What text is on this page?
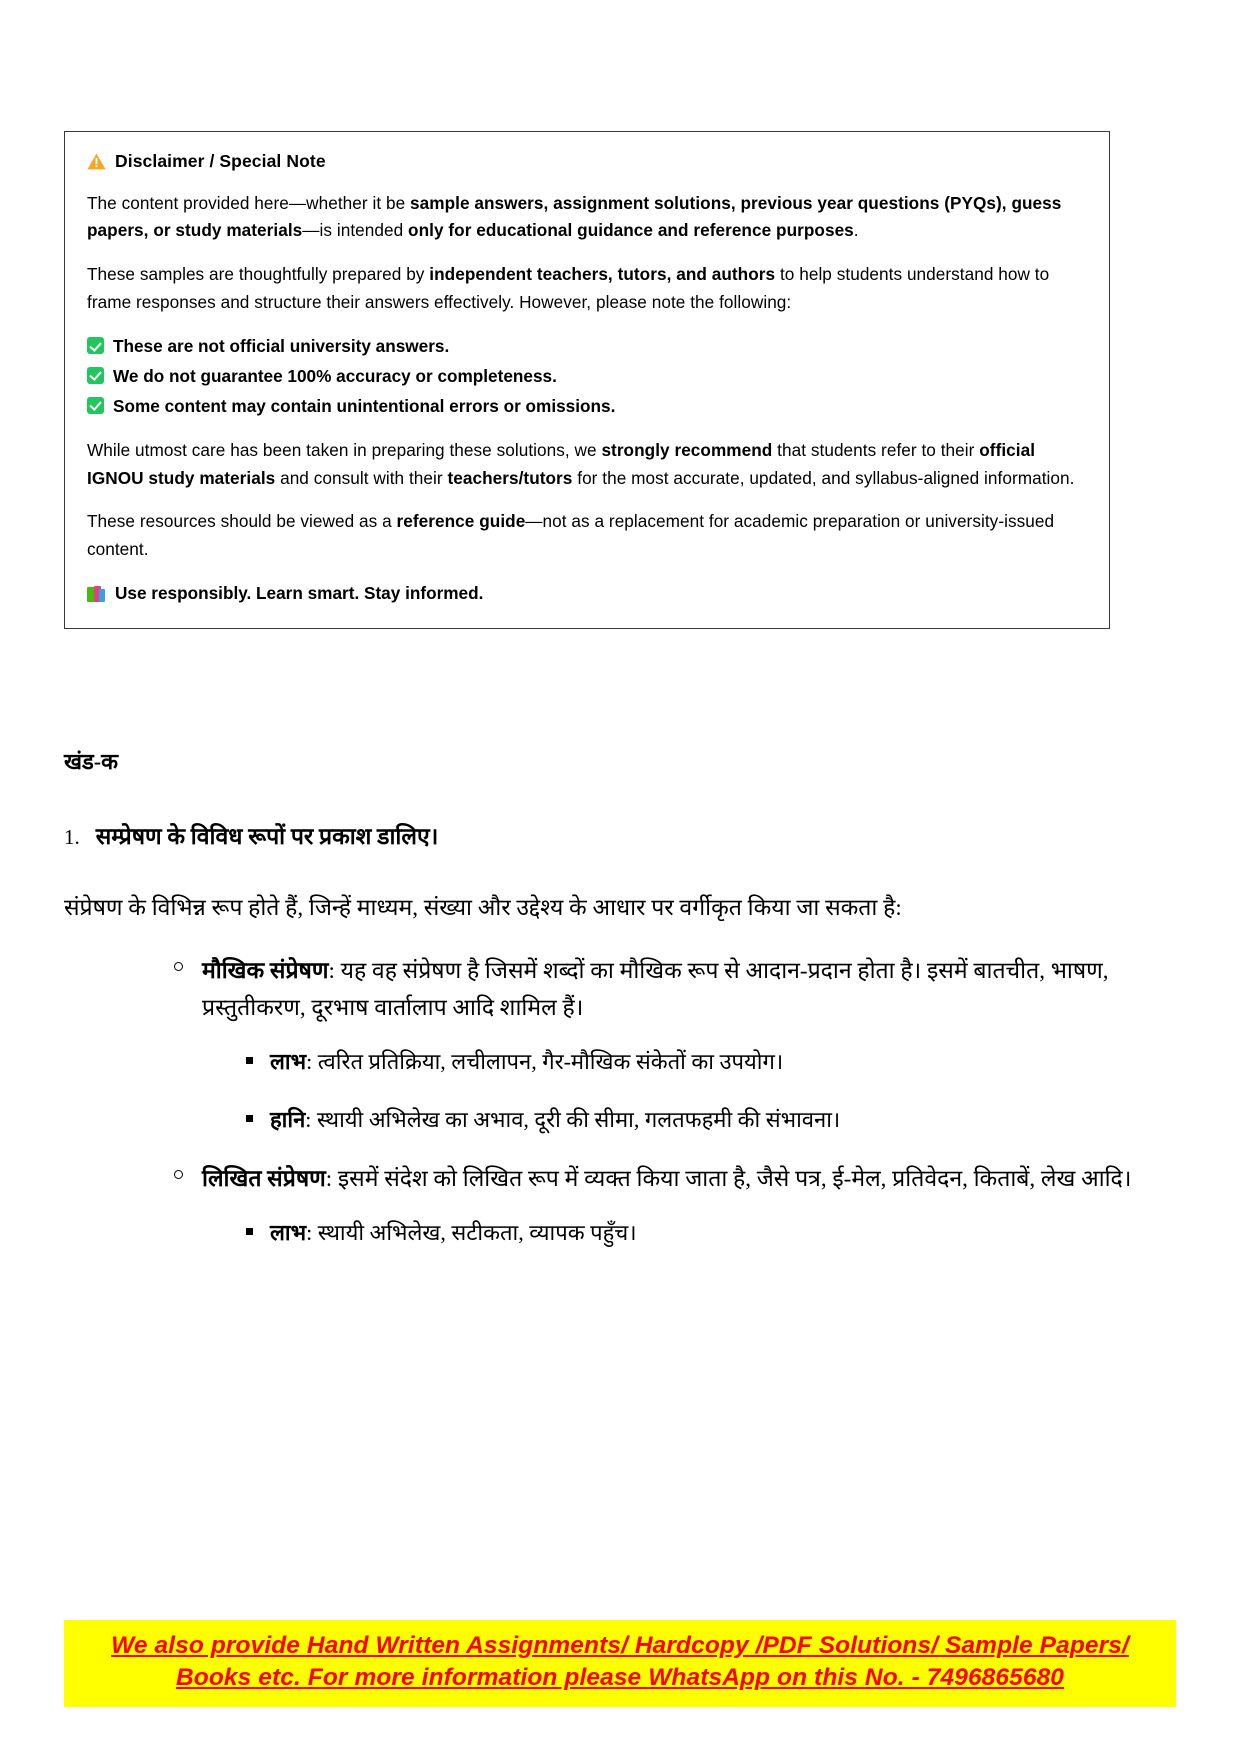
Disclaimer / Special Note

The content provided here—whether it be sample answers, assignment solutions, previous year questions (PYQs), guess papers, or study materials—is intended only for educational guidance and reference purposes.

These samples are thoughtfully prepared by independent teachers, tutors, and authors to help students understand how to frame responses and structure their answers effectively. However, please note the following:

These are not official university answers.
We do not guarantee 100% accuracy or completeness.
Some content may contain unintentional errors or omissions.

While utmost care has been taken in preparing these solutions, we strongly recommend that students refer to their official IGNOU study materials and consult with their teachers/tutors for the most accurate, updated, and syllabus-aligned information.

These resources should be viewed as a reference guide—not as a replacement for academic preparation or university-issued content.

Use responsibly. Learn smart. Stay informed.

खंड-क
1. सम्प्रेषण के विविध रूपों पर प्रकाश डालिए।

संप्रेषण के विभिन्न रूप होते हैं, जिन्हें माध्यम, संख्या और उद्देश्य के आधार पर वर्गीकृत किया जा सकता है:

मौखिक संप्रेषण: यह वह संप्रेषण है जिसमें शब्दों का मौखिक रूप से आदान-प्रदान होता है। इसमें बातचीत, भाषण, प्रस्तुतीकरण, दूरभाष वार्तालाप आदि शामिल हैं।
लाभ: त्वरित प्रतिक्रिया, लचीलापन, गैर-मौखिक संकेतों का उपयोग।
हानि: स्थायी अभिलेख का अभाव, दूरी की सीमा, गलतफहमी की संभावना।
लिखित संप्रेषण: इसमें संदेश को लिखित रूप में व्यक्त किया जाता है, जैसे पत्र, ई-मेल, प्रतिवेदन, किताबें, लेख आदि।
लाभ: स्थायी अभिलेख, सटीकता, व्यापक पहुँच।
We also provide Hand Written Assignments/ Hardcopy /PDF Solutions/ Sample Papers/
Books etc. For more information please WhatsApp on this No. - 7496865680
